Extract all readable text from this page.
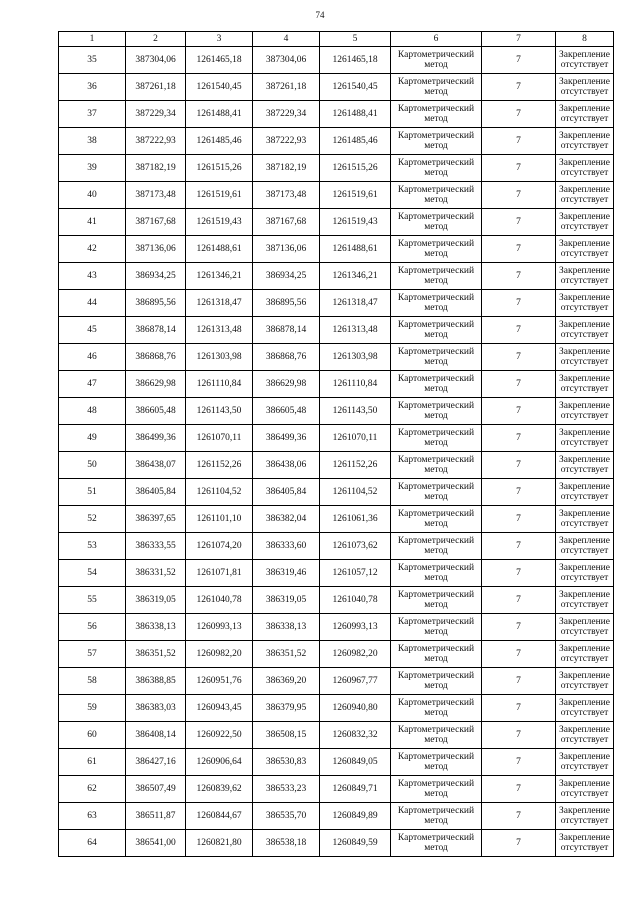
74
1	2	3	4	5	6	7	8
35	387304,06	1261465,18	387304,06	1261465,18	Картометрический метод	7	Закрепление отсутствует
36	387261,18	1261540,45	387261,18	1261540,45	Картометрический метод	7	Закрепление отсутствует
37	387229,34	1261488,41	387229,34	1261488,41	Картометрический метод	7	Закрепление отсутствует
38	387222,93	1261485,46	387222,93	1261485,46	Картометрический метод	7	Закрепление отсутствует
39	387182,19	1261515,26	387182,19	1261515,26	Картометрический метод	7	Закрепление отсутствует
40	387173,48	1261519,61	387173,48	1261519,61	Картометрический метод	7	Закрепление отсутствует
41	387167,68	1261519,43	387167,68	1261519,43	Картометрический метод	7	Закрепление отсутствует
42	387136,06	1261488,61	387136,06	1261488,61	Картометрический метод	7	Закрепление отсутствует
43	386934,25	1261346,21	386934,25	1261346,21	Картометрический метод	7	Закрепление отсутствует
44	386895,56	1261318,47	386895,56	1261318,47	Картометрический метод	7	Закрепление отсутствует
45	386878,14	1261313,48	386878,14	1261313,48	Картометрический метод	7	Закрепление отсутствует
46	386868,76	1261303,98	386868,76	1261303,98	Картометрический метод	7	Закрепление отсутствует
47	386629,98	1261110,84	386629,98	1261110,84	Картометрический метод	7	Закрепление отсутствует
48	386605,48	1261143,50	386605,48	1261143,50	Картометрический метод	7	Закрепление отсутствует
49	386499,36	1261070,11	386499,36	1261070,11	Картометрический метод	7	Закрепление отсутствует
50	386438,07	1261152,26	386438,06	1261152,26	Картометрический метод	7	Закрепление отсутствует
51	386405,84	1261104,52	386405,84	1261104,52	Картометрический метод	7	Закрепление отсутствует
52	386397,65	1261101,10	386382,04	1261061,36	Картометрический метод	7	Закрепление отсутствует
53	386333,55	1261074,20	386333,60	1261073,62	Картометрический метод	7	Закрепление отсутствует
54	386331,52	1261071,81	386319,46	1261057,12	Картометрический метод	7	Закрепление отсутствует
55	386319,05	1261040,78	386319,05	1261040,78	Картометрический метод	7	Закрепление отсутствует
56	386338,13	1260993,13	386338,13	1260993,13	Картометрический метод	7	Закрепление отсутствует
57	386351,52	1260982,20	386351,52	1260982,20	Картометрический метод	7	Закрепление отсутствует
58	386388,85	1260951,76	386369,20	1260967,77	Картометрический метод	7	Закрепление отсутствует
59	386383,03	1260943,45	386379,95	1260940,80	Картометрический метод	7	Закрепление отсутствует
60	386408,14	1260922,50	386508,15	1260832,32	Картометрический метод	7	Закрепление отсутствует
61	386427,16	1260906,64	386530,83	1260849,05	Картометрический метод	7	Закрепление отсутствует
62	386507,49	1260839,62	386533,23	1260849,71	Картометрический метод	7	Закрепление отсутствует
63	386511,87	1260844,67	386535,70	1260849,89	Картометрический метод	7	Закрепление отсутствует
64	386541,00	1260821,80	386538,18	1260849,59	Картометрический метод	7	Закрепление отсутствует
